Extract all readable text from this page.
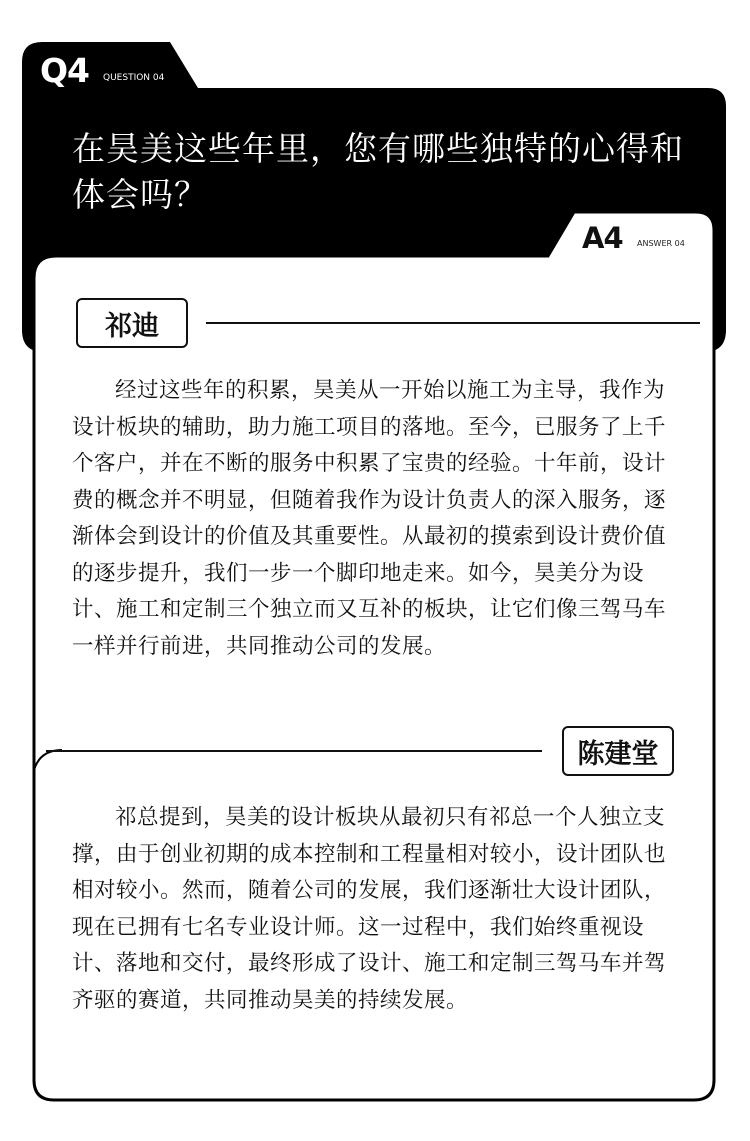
Q4 QUESTION 04
在昊美这些年里，您有哪些独特的心得和体会吗？
A4 ANSWER 04
祁迪
经过这些年的积累，昊美从一开始以施工为主导，我作为设计板块的辅助，助力施工项目的落地。至今，已服务了上千个客户，并在不断的服务中积累了宝贵的经验。十年前，设计费的概念并不明显，但随着我作为设计负责人的深入服务，逐渐体会到设计的价值及其重要性。从最初的摸索到设计费价值的逐步提升，我们一步一个脚印地走来。如今，昊美分为设计、施工和定制三个独立而又互补的板块，让它们像三驾马车一样并行前进，共同推动公司的发展。
陈建堂
祁总提到，昊美的设计板块从最初只有祁总一个人独立支撑，由于创业初期的成本控制和工程量相对较小，设计团队也相对较小。然而，随着公司的发展，我们逐渐壮大设计团队，现在已拥有七名专业设计师。这一过程中，我们始终重视设计、落地和交付，最终形成了设计、施工和定制三驾马车并驾齐驱的赛道，共同推动昊美的持续发展。
